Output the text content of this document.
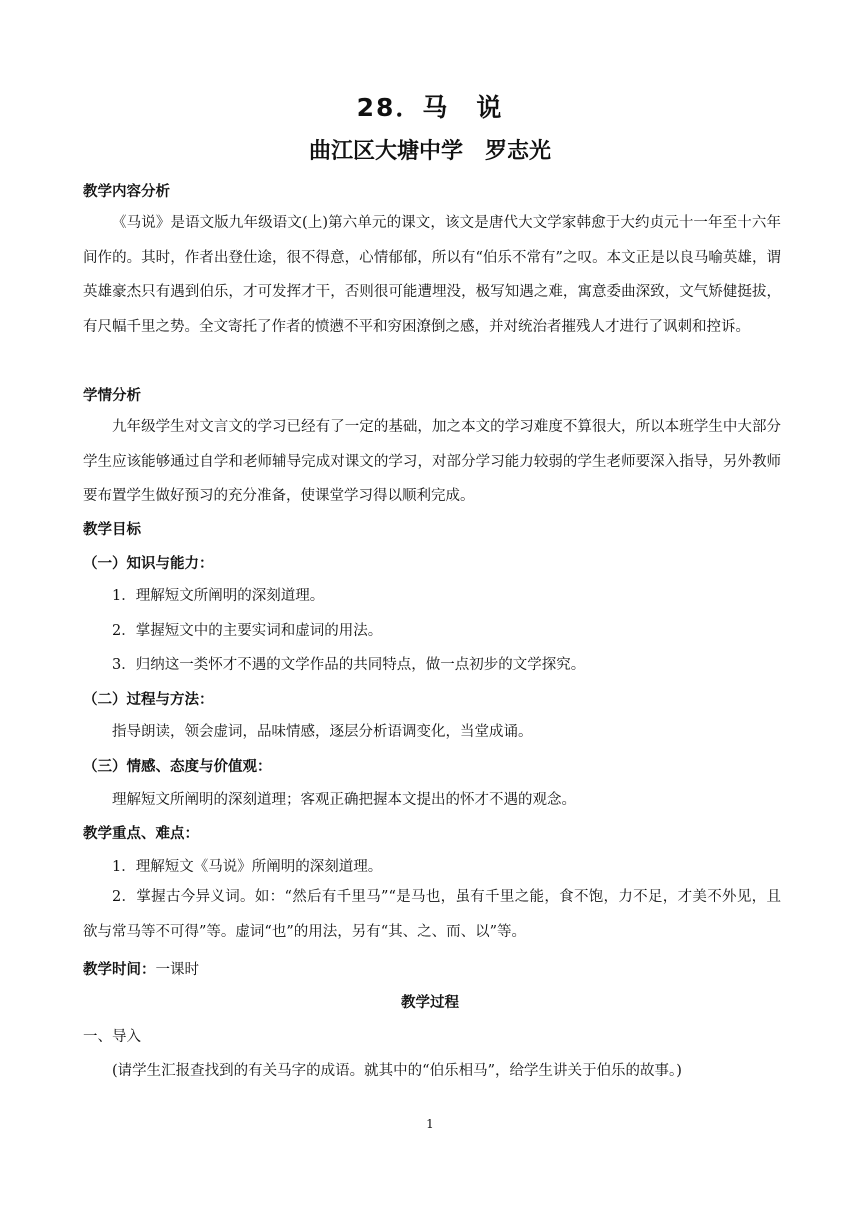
28．马　说
曲江区大塘中学　罗志光
教学内容分析

《马说》是语文版九年级语文(上)第六单元的课文，该文是唐代大文学家韩愈于大约贞元十一年至十六年间作的。其时，作者出登仕途，很不得意，心情郁郁，所以有“伯乐不常有”之叹。本文正是以良马喻英雄，谓英雄豪杰只有遇到伯乐，才可发挥才干，否则很可能遭埋没，极写知遇之难，寓意委曲深致，文气矫健挺拔，有尺幅千里之势。全文寄托了作者的愤懑不平和穷困潦倒之感，并对统治者摧残人才进行了讽刺和控诉。

学情分析

九年级学生对文言文的学习已经有了一定的基础，加之本文的学习难度不算很大，所以本班学生中大部分学生应该能够通过自学和老师辅导完成对课文的学习，对部分学习能力较弱的学生老师要深入指导，另外教师要布置学生做好预习的充分准备，使课堂学习得以顺利完成。

教学目标
（一）知识与能力：
1．理解短文所阐明的深刻道理。
2．掌握短文中的主要实词和虚词的用法。
3．归纳这一类怀才不遇的文学作品的共同特点，做一点初步的文学探究。
（二）过程与方法：
指导朗读，领会虚词，品味情感，逐层分析语调变化，当堂成诵。
（三）情感、态度与价值观：
理解短文所阐明的深刻道理；客观正确把握本文提出的怀才不遇的观念。
教学重点、难点：
1．理解短文《马说》所阐明的深刻道理。

2．掌握古今异义词。如：“然后有千里马”“是马也，虽有千里之能，食不饱，力不足，才美不外见，且欲与常马等不可得”等。虚词“也”的用法，另有“其、之、而、以”等。

教学时间：一课时
教学过程
一、导入
(请学生汇报查找到的有关马字的成语。就其中的“伯乐相马”，给学生讲关于伯乐的故事。)
1
